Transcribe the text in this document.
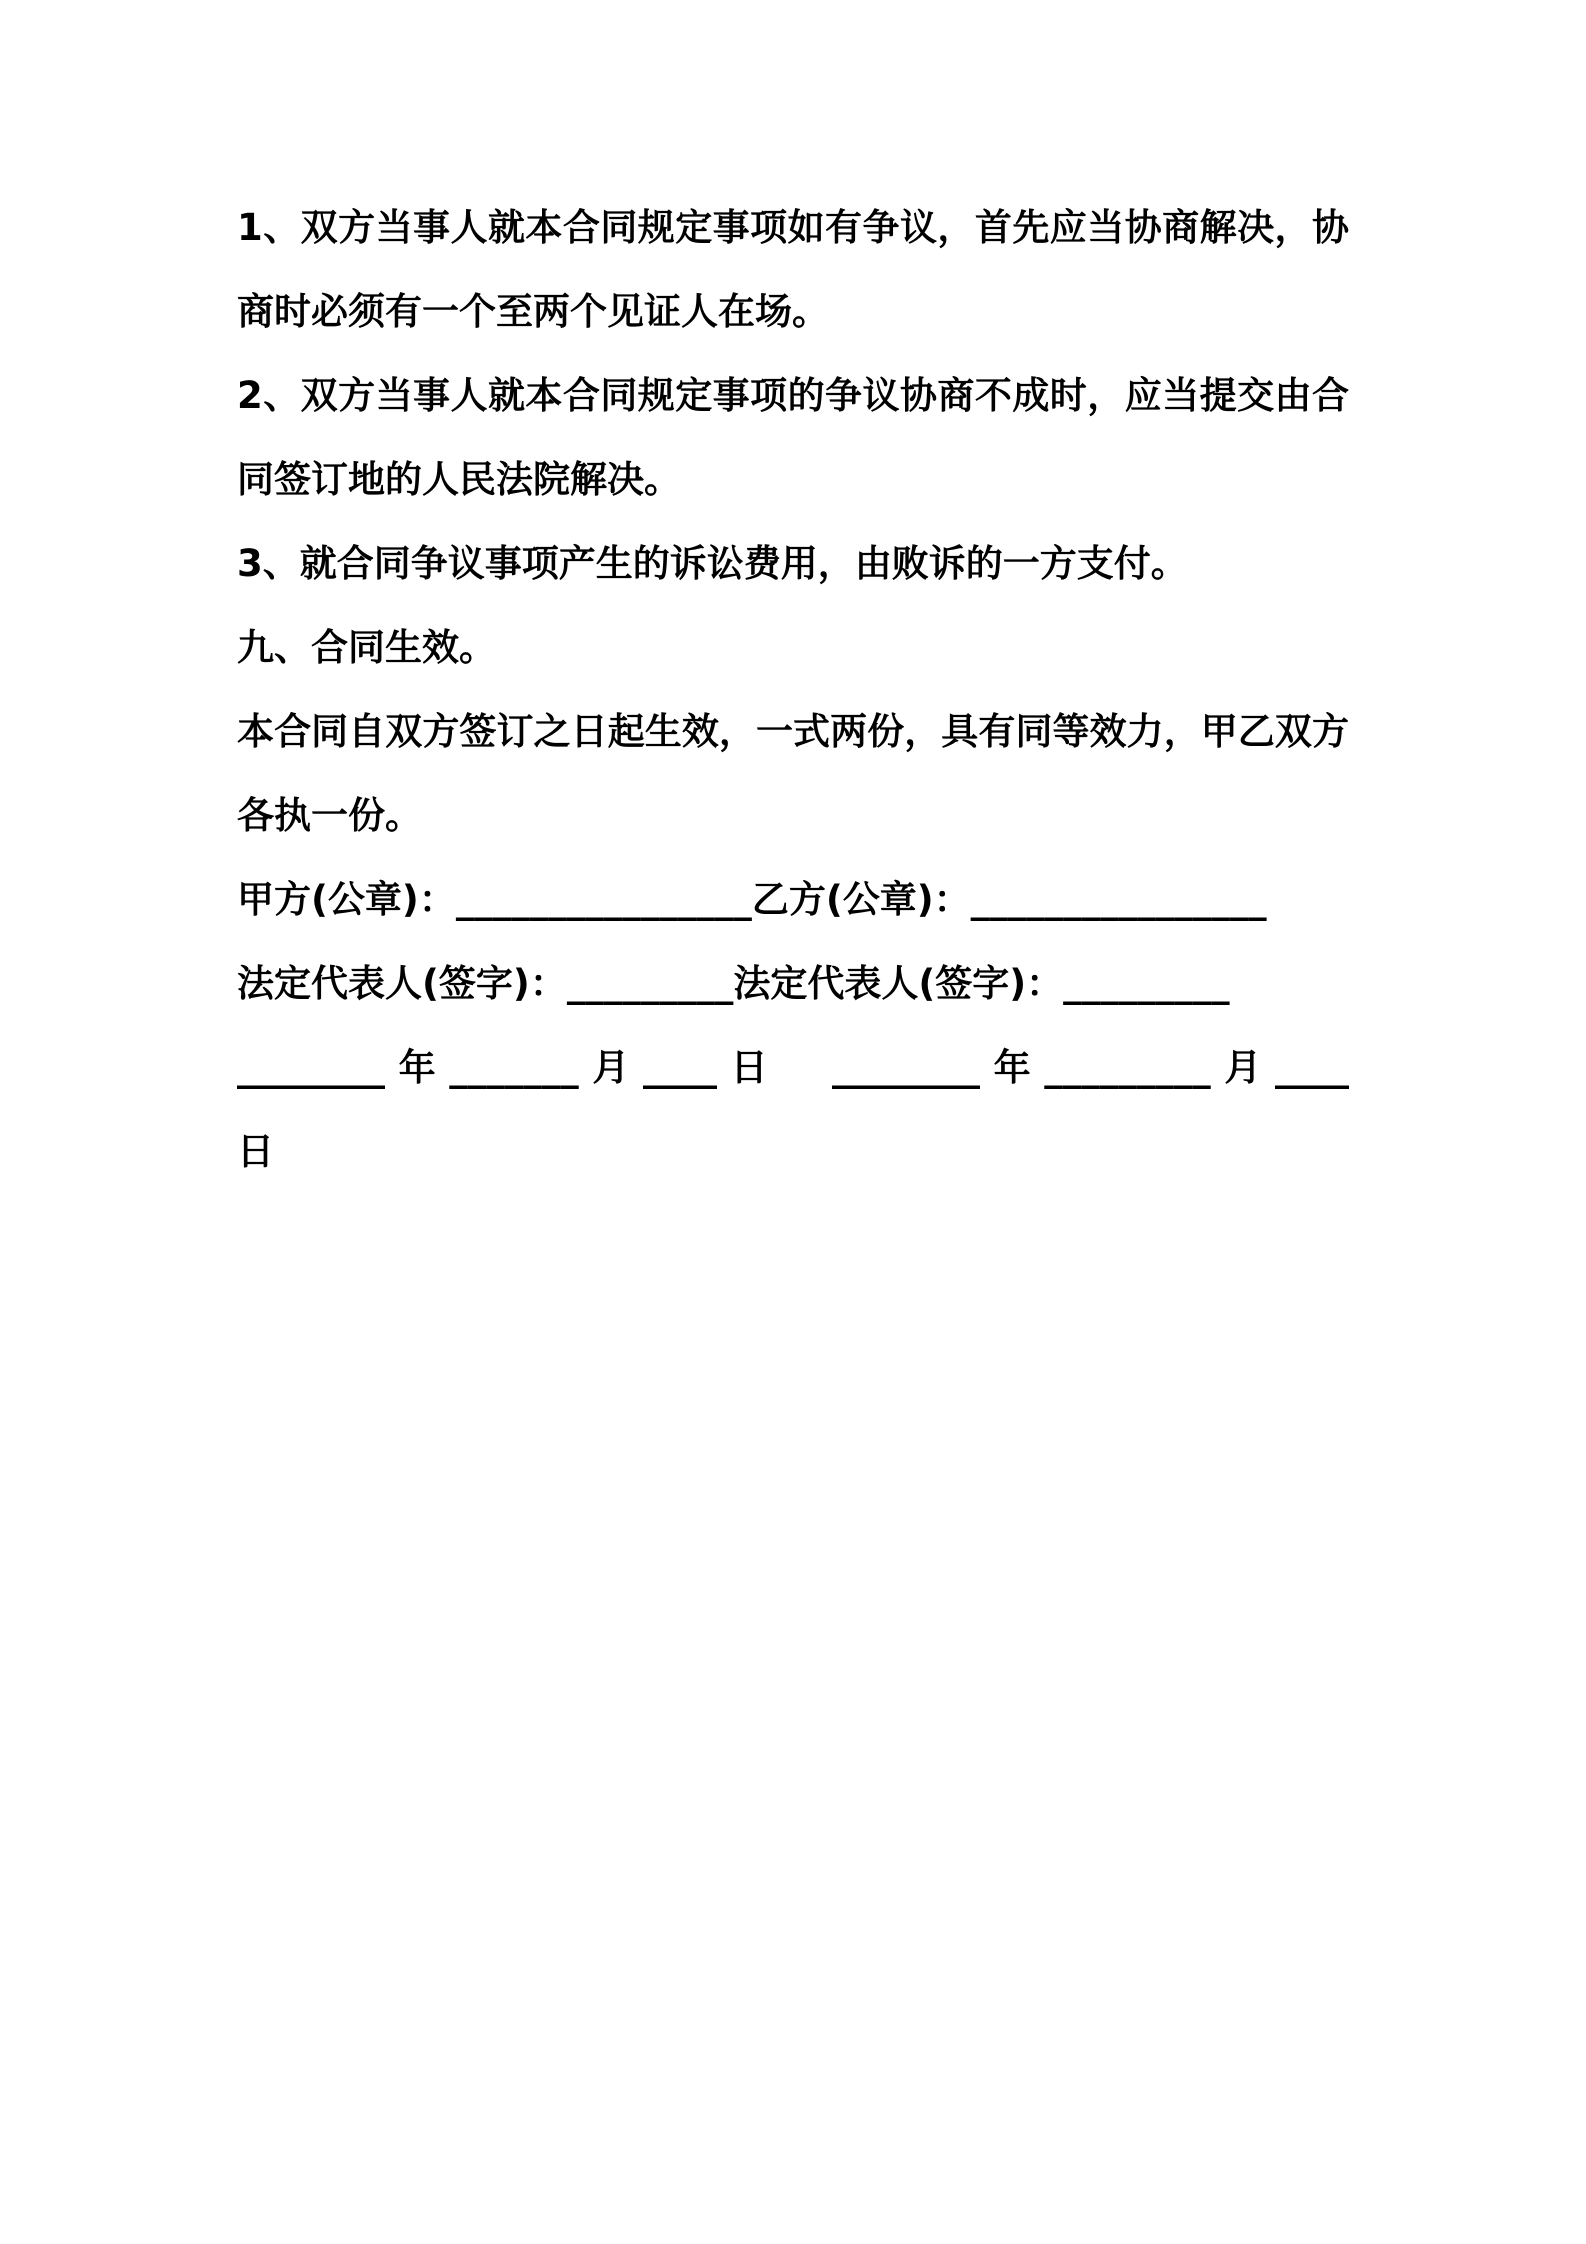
1、双方当事人就本合同规定事项如有争议，首先应当协商解决，协商时必须有一个至两个见证人在场。

2、双方当事人就本合同规定事项的争议协商不成时，应当提交由合同签订地的人民法院解决。

3、就合同争议事项产生的诉讼费用，由败诉的一方支付。

九、合同生效。

本合同自双方签订之日起生效，一式两份，具有同等效力，甲乙双方各执一份。

甲方(公章)：________________乙方(公章)：________________

法定代表人(签字)：_________法定代表人(签字)：_________

________年_______月____日　________年_________月____

日
